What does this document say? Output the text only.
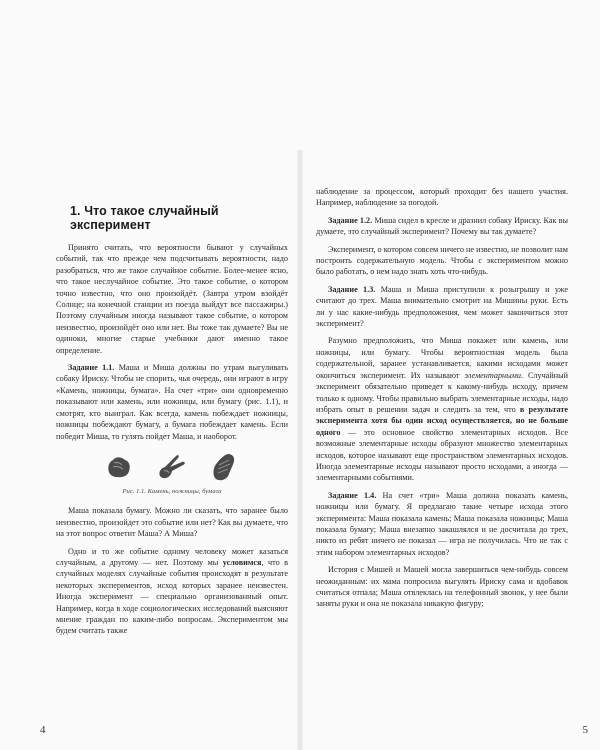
1. Что такое случайный эксперимент

Принято считать, что вероятности бывают у случайных событий, так что прежде чем подсчитывать вероятности, надо разобраться, что же такое случайное событие. Более-менее ясно, что такое неслучайное событие. Это такое событие, о котором точно известно, что оно произойдёт. (Завтра утром взойдёт Солнце; на конечной станции из поезда выйдут все пассажиры.) Поэтому случайным иногда называют такое событие, о котором неизвестно, произойдёт оно или нет. Вы тоже так думаете? Вы не одиноки, многие старые учебники дают именно такое определение.

Задание 1.1. Маша и Миша должны по утрам выгуливать собаку Ириску. Чтобы не спорить, чья очередь, они играют в игру «Камень, ножницы, бумага». На счет «три» они одновременно показывают или камень, или ножницы, или бумагу (рис. 1.1), и смотрят, кто выиграл. Как всегда, камень побеждает ножницы, ножницы побеждают бумагу, а бумага побеждает камень. Если победит Миша, то гулять пойдет Маша, и наоборот.

Рис. 1.1. Камень, ножницы, бумага

Маша показала бумагу. Можно ли сказать, что заранее было неизвестно, произойдет это событие или нет? Как вы думаете, что на этот вопрос ответит Маша? А Миша?

Одно и то же событие одному человеку может казаться случайным, а другому — нет. Поэтому мы условимся, что в случайных моделях случайные события происходят в результате некоторых экспериментов, исход которых заранее неизвестен. Иногда эксперимент — специально организованный опыт. Например, когда в ходе социологических исследований выясняют мнение граждан по каким-либо вопросам. Экспериментом мы будем считать также

4

наблюдение за процессом, который проходит без нашего участия. Например, наблюдение за погодой.

Задание 1.2. Миша сидел в кресле и дразнил собаку Ириску. Как вы думаете, это случайный эксперимент? Почему вы так думаете?

Эксперимент, о котором совсем ничего не известно, не позволит нам построить содержательную модель. Чтобы с экспериментом можно было работать, о нем надо знать хоть что-нибудь.

Задание 1.3. Маша и Миша приступили к розыгрышу и уже считают до трех. Маша внимательно смотрит на Мишины руки. Есть ли у нас какие-нибудь предположения, чем может закончиться этот эксперимент?

Разумно предположить, что Миша покажет или камень, или ножницы, или бумагу. Чтобы вероятностная модель была содержательной, заранее устанавливается, какими исходами может окончиться эксперимент. Их называют элементарными. Случайный эксперимент обязательно приведет к какому-нибудь исходу, причем только к одному. Чтобы правильно выбрать элементарные исходы, надо избрать опыт в решении задач и следить за тем, что в результате эксперимента хотя бы один исход осуществляется, но не больше одного — это основное свойство элементарных исходов. Все возможные элементарные исходы образуют множество элементарных исходов, которое называют еще пространством элементарных исходов. Иногда элементарные исходы называют просто исходами, а иногда — элементарными событиями.

Задание 1.4. На счет «три» Маша должна показать камень, ножницы или бумагу. Я предлагаю такие четыре исхода этого эксперимента: Маша показала камень; Маша показала ножницы; Маша показала бумагу; Маша внезапно закашлялся и не досчитала до трех, никто из ребят ничего не показал — игра не получилась. Что не так с этим набором элементарных исходов?

История с Мишей и Машей могла завершиться чем-нибудь совсем неожиданным: их мама попросила выгулять Ириску сама и вдобавок считаться отпала; Маша отвлеклась на телефонный звонок, у нее были заняты руки и она не показала никакую фигуру;

5
